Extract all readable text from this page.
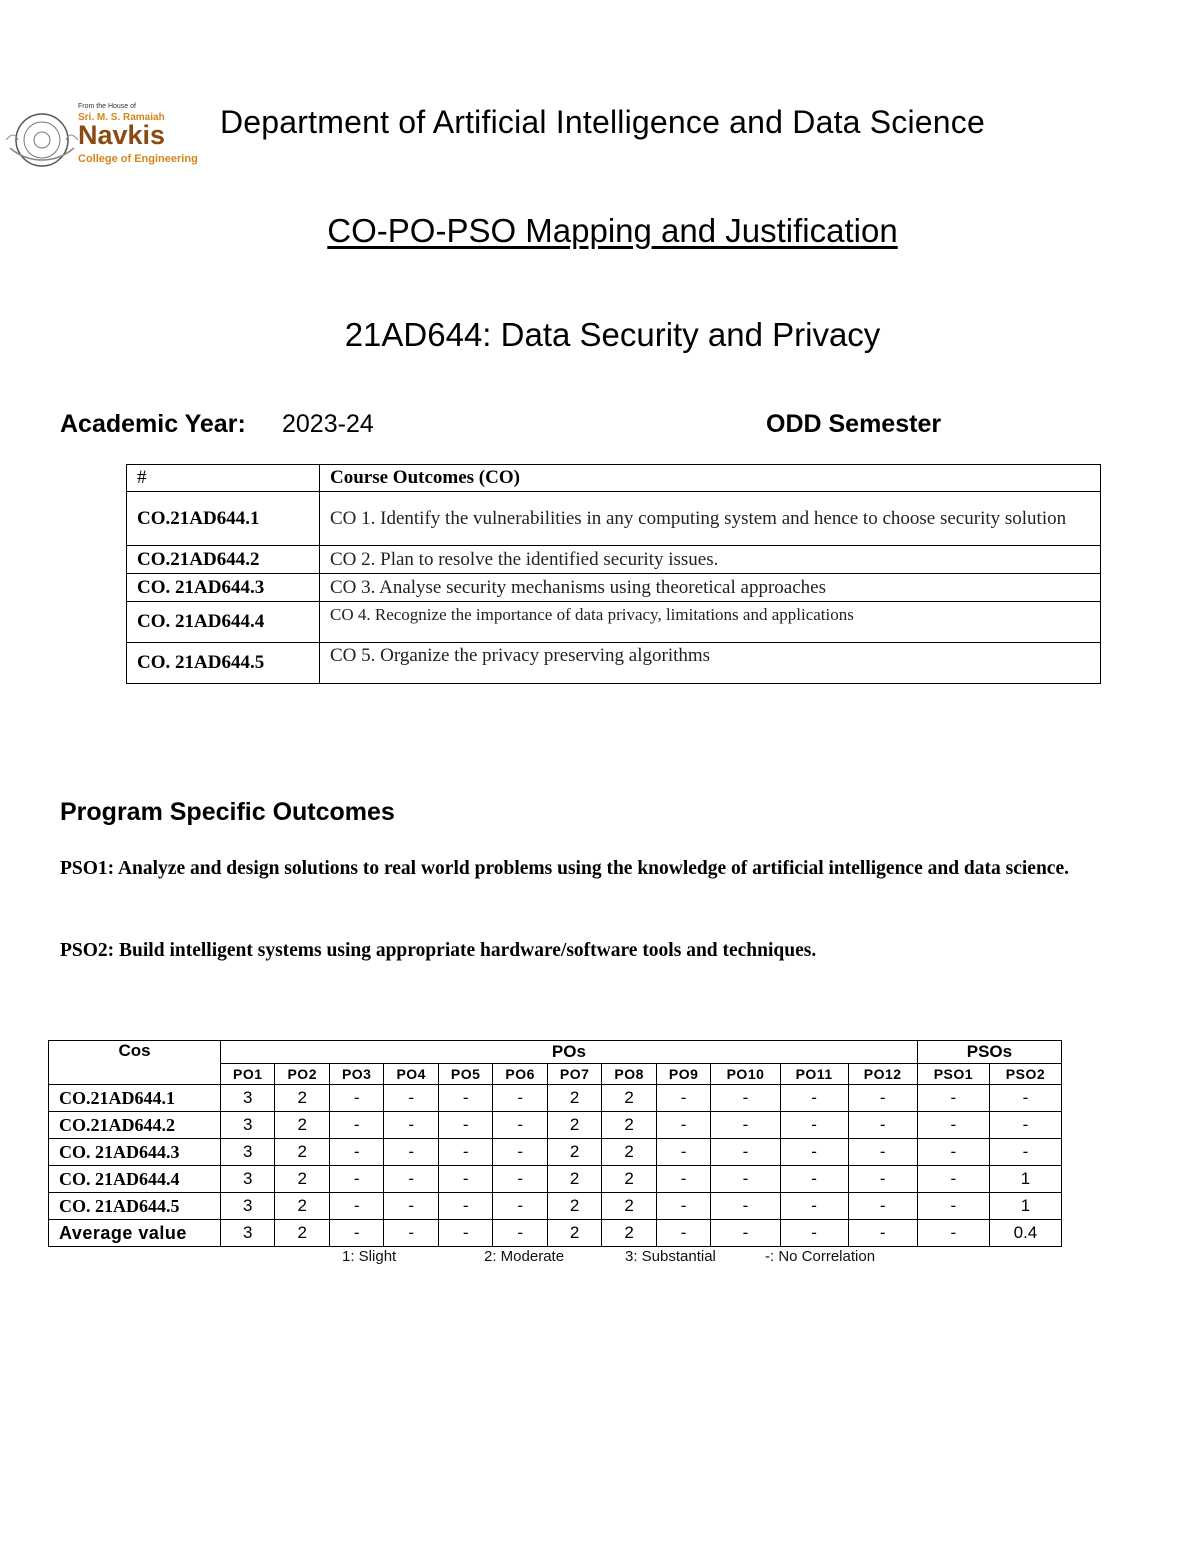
From the House of
Sri. M. S. Ramaiah
Navkis
College of Engineering
Department of Artificial Intelligence and Data Science
CO-PO-PSO Mapping and Justification
21AD644: Data Security and Privacy
Academic Year: 2023-24	ODD Semester
#	Course Outcomes (CO)
CO.21AD644.1	CO 1. Identify the vulnerabilities in any computing system and hence to choose security solution
CO.21AD644.2	CO 2. Plan to resolve the identified security issues.
CO. 21AD644.3	CO 3. Analyse security mechanisms using theoretical approaches
CO. 21AD644.4	CO 4. Recognize the importance of data privacy, limitations and applications
CO. 21AD644.5	CO 5. Organize the privacy preserving algorithms
Program Specific Outcomes
PSO1: Analyze and design solutions to real world problems using the knowledge of artificial intelligence and data science.
PSO2: Build intelligent systems using appropriate hardware/software tools and techniques.
Cos	POs												PSOs	
	PO1	PO2	PO3	PO4	PO5	PO6	PO7	PO8	PO9	PO10	PO11	PO12	PSO1	PSO2
CO.21AD644.1	3	2	-	-	-	-	2	2	-	-	-	-	-	-
CO.21AD644.2	3	2	-	-	-	-	2	2	-	-	-	-	-	-
CO. 21AD644.3	3	2	-	-	-	-	2	2	-	-	-	-	-	-
CO. 21AD644.4	3	2	-	-	-	-	2	2	-	-	-	-	-	1
CO. 21AD644.5	3	2	-	-	-	-	2	2	-	-	-	-	-	1
Average value	3	2	-	-	-	-	2	2	-	-	-	-	-	0.4
1: Slight	2: Moderate	3: Substantial	-: No Correlation
